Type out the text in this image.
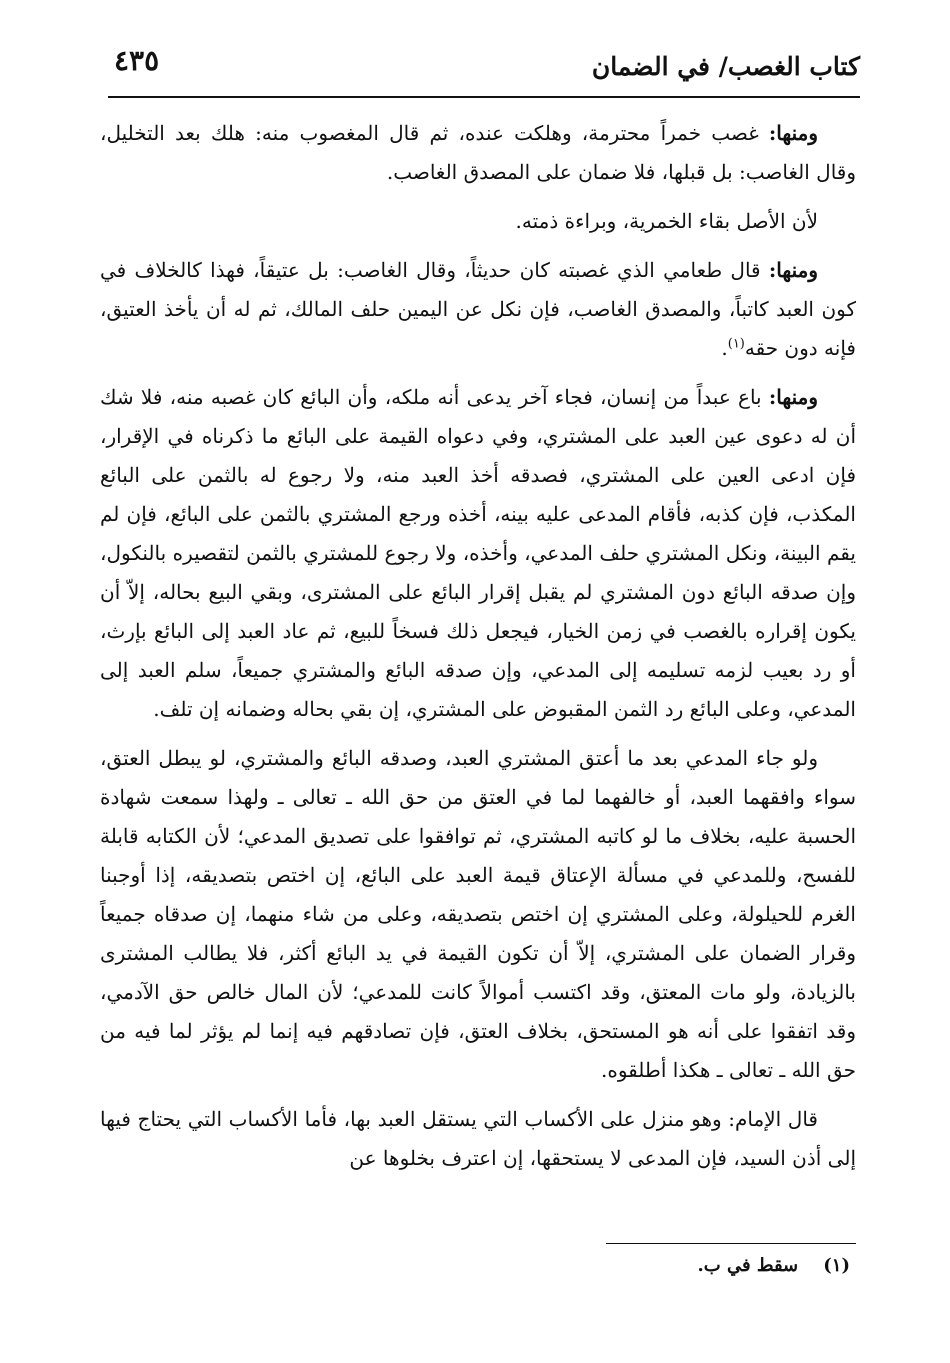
كتاب الغصب/ في الضمان
٤٣٥

ومنها: غصب خمراً محترمة، وهلكت عنده، ثم قال المغصوب منه: هلك بعد التخليل، وقال الغاصب: بل قبلها، فلا ضمان على المصدق الغاصب.

لأن الأصل بقاء الخمرية، وبراءة ذمته.

ومنها: قال طعامي الذي غصبته كان حديثاً، وقال الغاصب: بل عتيقاً، فهذا كالخلاف في كون العبد كاتباً، والمصدق الغاصب، فإن نكل عن اليمين حلف المالك، ثم له أن يأخذ العتيق، فإنه دون حقه$^{(١)}$.

ومنها: باع عبداً من إنسان، فجاء آخر يدعى أنه ملكه، وأن البائع كان غصبه منه، فلا شك أن له دعوى عين العبد على المشتري، وفي دعواه القيمة على البائع ما ذكرناه في الإقرار، فإن ادعى العين على المشتري، فصدقه أخذ العبد منه، ولا رجوع له بالثمن على البائع المكذب، فإن كذبه، فأقام المدعى عليه بينه، أخذه ورجع المشتري بالثمن على البائع، فإن لم يقم البينة، ونكل المشتري حلف المدعي، وأخذه، ولا رجوع للمشتري بالثمن لتقصيره بالنكول، وإن صدقه البائع دون المشتري لم يقبل إقرار البائع على المشترى، وبقي البيع بحاله، إلاّ أن يكون إقراره بالغصب في زمن الخيار، فيجعل ذلك فسخاً للبيع، ثم عاد العبد إلى البائع بإرث، أو رد بعيب لزمه تسليمه إلى المدعي، وإن صدقه البائع والمشتري جميعاً، سلم العبد إلى المدعي، وعلى البائع رد الثمن المقبوض على المشتري، إن بقي بحاله وضمانه إن تلف.

ولو جاء المدعي بعد ما أعتق المشتري العبد، وصدقه البائع والمشتري، لو يبطل العتق، سواء وافقهما العبد، أو خالفهما لما في العتق من حق الله ـ تعالى ـ ولهذا سمعت شهادة الحسبة عليه، بخلاف ما لو كاتبه المشتري، ثم توافقوا على تصديق المدعي؛ لأن الكتابه قابلة للفسح، وللمدعي في مسألة الإعتاق قيمة العبد على البائع، إن اختص بتصديقه، إذا أوجبنا الغرم للحيلولة، وعلى المشتري إن اختص بتصديقه، وعلى من شاء منهما، إن صدقاه جميعاً وقرار الضمان على المشتري، إلاّ أن تكون القيمة في يد البائع أكثر، فلا يطالب المشترى بالزيادة، ولو مات المعتق، وقد اكتسب أموالاً كانت للمدعي؛ لأن المال خالص حق الآدمي، وقد اتفقوا على أنه هو المستحق، بخلاف العتق، فإن تصادقهم فيه إنما لم يؤثر لما فيه من حق الله ـ تعالى ـ هكذا أطلقوه.

قال الإمام: وهو منزل على الأكساب التي يستقل العبد بها، فأما الأكساب التي يحتاج فيها إلى أذن السيد، فإن المدعى لا يستحقها، إن اعترف بخلوها عن

(١)    سقط في ب.
